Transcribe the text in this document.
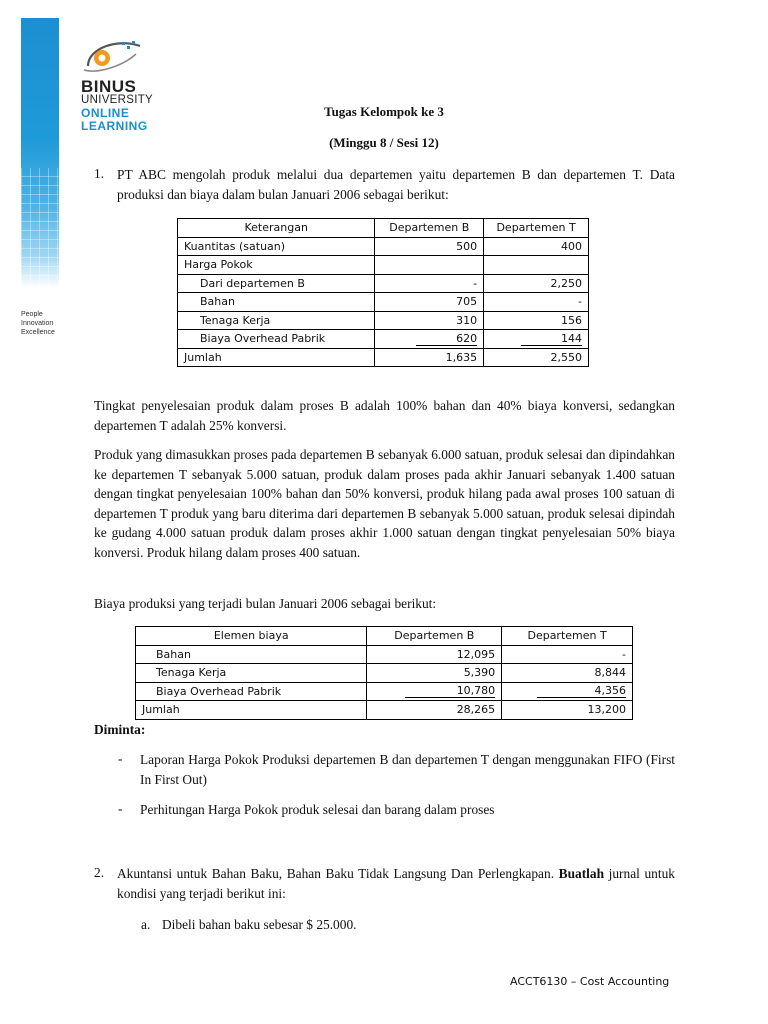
BINUS
UNIVERSITY
ONLINE
LEARNING
People
Innovation
Excellence
Tugas Kelompok ke 3
(Minggu 8 / Sesi 12)
1. PT ABC mengolah produk melalui dua departemen yaitu departemen B dan departemen T. Data produksi dan biaya dalam bulan Januari 2006 sebagai berikut:

Keterangan	Departemen B	Departemen T
Kuantitas (satuan)	500	400
Harga Pokok		
Dari departemen B	-	2,250
Bahan	705	-
Tenaga Kerja	310	156
Biaya Overhead Pabrik	620	144
Jumlah	1,635	2,550

Tingkat penyelesaian produk dalam proses B adalah 100% bahan dan 40% biaya konversi, sedangkan departemen T adalah 25% konversi.

Produk yang dimasukkan proses pada departemen B sebanyak 6.000 satuan, produk selesai dan dipindahkan ke departemen T sebanyak 5.000 satuan, produk dalam proses pada akhir Januari sebanyak 1.400 satuan dengan tingkat penyelesaian 100% bahan dan 50% konversi, produk hilang pada awal proses 100 satuan di departemen T produk yang baru diterima dari departemen B sebanyak 5.000 satuan, produk selesai dipindah ke gudang 4.000 satuan produk dalam proses akhir 1.000 satuan dengan tingkat penyelesaian 50% biaya konversi. Produk hilang dalam proses 400 satuan.

Biaya produksi yang terjadi bulan Januari 2006 sebagai berikut:

Elemen biaya	Departemen B	Departemen T
Bahan	12,095	-
Tenaga Kerja	5,390	8,844
Biaya Overhead Pabrik	10,780	4,356
Jumlah	28,265	13,200
Diminta:
- Laporan Harga Pokok Produksi departemen B dan departemen T dengan menggunakan FIFO (First In First Out)

- Perhitungan Harga Pokok produk selesai dan barang dalam proses

2. Akuntansi untuk Bahan Baku, Bahan Baku Tidak Langsung Dan Perlengkapan. Buatlah jurnal untuk kondisi yang terjadi berikut ini:

a. Dibeli bahan baku sebesar $ 25.000.
ACCT6130 – Cost Accounting
